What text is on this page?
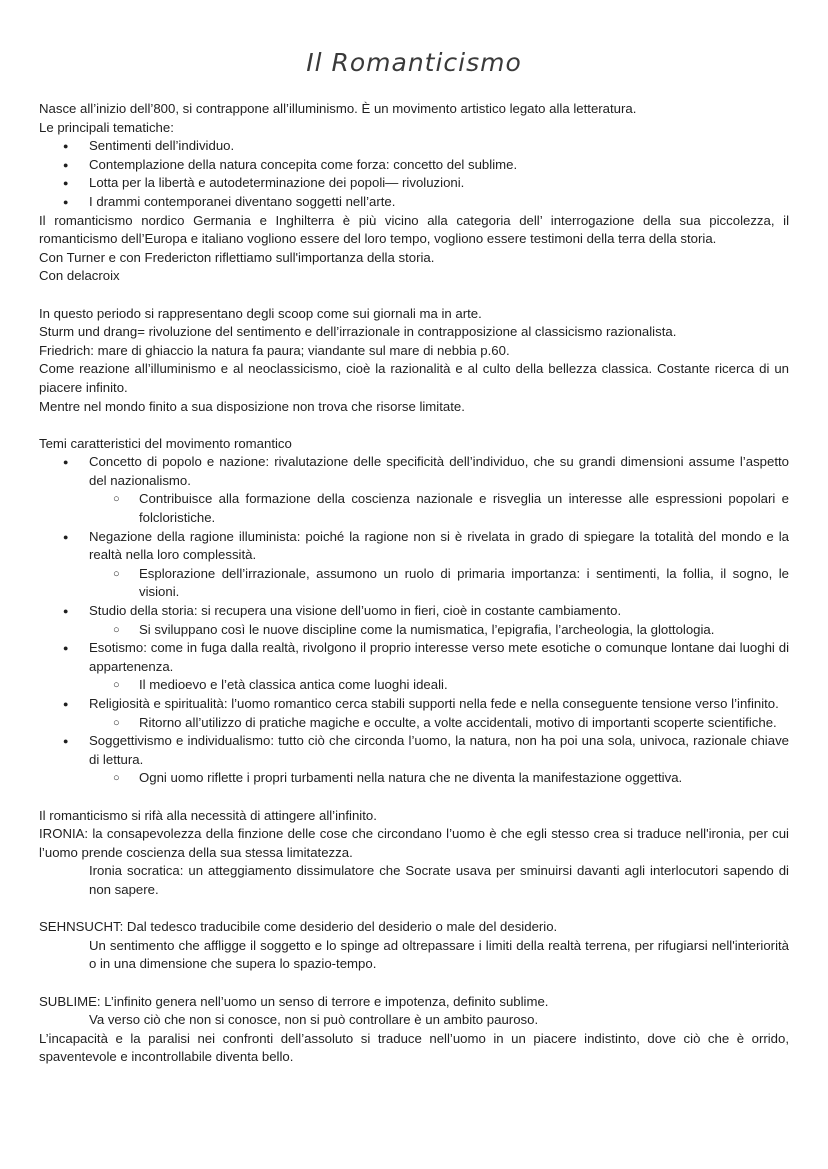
Il Romanticismo

Nasce all’inizio dell’800, si contrappone all’illuminismo. È un movimento artistico legato alla letteratura.

Le principali tematiche:

● Sentimenti dell’individuo.
● Contemplazione della natura concepita come forza: concetto del sublime.
● Lotta per la libertà e autodeterminazione dei popoli— rivoluzioni.
● I drammi contemporanei diventano soggetti nell’arte.

Il romanticismo nordico Germania e Inghilterra è più vicino alla categoria dell’ interrogazione della sua piccolezza, il romanticismo dell’Europa e italiano vogliono essere del loro tempo, vogliono essere testimoni della terra della storia.

Con Turner e con Fredericton riflettiamo sull'importanza della storia.

Con delacroix

In questo periodo si rappresentano degli scoop come sui giornali ma in arte.

Sturm und drang= rivoluzione del sentimento e dell’irrazionale in contrapposizione al classicismo razionalista.

Friedrich: mare di ghiaccio la natura fa paura; viandante sul mare di nebbia p.60.

Come reazione all’illuminismo e al neoclassicismo, cioè la razionalità e al culto della bellezza classica. Costante ricerca di un piacere infinito.

Mentre nel mondo finito a sua disposizione non trova che risorse limitate.

Temi caratteristici del movimento romantico

● Concetto di popolo e nazione: rivalutazione delle specificità dell’individuo, che su grandi dimensioni assume l’aspetto del nazionalismo.
○ Contribuisce alla formazione della coscienza nazionale e risveglia un interesse alle espressioni popolari e folcloristiche.
● Negazione della ragione illuminista: poiché la ragione non si è rivelata in grado di spiegare la totalità del mondo e la realtà nella loro complessità.
○ Esplorazione dell’irrazionale, assumono un ruolo di primaria importanza: i sentimenti, la follia, il sogno, le visioni.
● Studio della storia: si recupera una visione dell’uomo in fieri, cioè in costante cambiamento.
○ Si sviluppano così le nuove discipline come la numismatica, l’epigrafia, l’archeologia, la glottologia.
● Esotismo: come in fuga dalla realtà, rivolgono il proprio interesse verso mete esotiche o comunque lontane dai luoghi di appartenenza.
○ Il medioevo e l’età classica antica come luoghi ideali.
● Religiosità e spiritualità: l’uomo romantico cerca stabili supporti nella fede e nella conseguente tensione verso l’infinito.
○ Ritorno all’utilizzo di pratiche magiche e occulte, a volte accidentali, motivo di importanti scoperte scientifiche.
● Soggettivismo e individualismo: tutto ciò che circonda l’uomo, la natura, non ha poi una sola, univoca, razionale chiave di lettura.
○ Ogni uomo riflette i propri turbamenti nella natura che ne diventa la manifestazione oggettiva.

Il romanticismo si rifà alla necessità di attingere all’infinito.

IRONIA: la consapevolezza della finzione delle cose che circondano l’uomo è che egli stesso crea si traduce nell'ironia, per cui l’uomo prende coscienza della sua stessa limitatezza.

Ironia socratica: un atteggiamento dissimulatore che Socrate usava per sminuirsi davanti agli interlocutori sapendo di non sapere.

SEHNSUCHT: Dal tedesco traducibile come desiderio del desiderio o male del desiderio.

Un sentimento che affligge il soggetto e lo spinge ad oltrepassare i limiti della realtà terrena, per rifugiarsi nell'interiorità o in una dimensione che supera lo spazio-tempo.

SUBLIME: L’infinito genera nell’uomo un senso di terrore e impotenza, definito sublime.

Va verso ciò che non si conosce, non si può controllare è un ambito pauroso.

L’incapacità e la paralisi nei confronti dell’assoluto si traduce nell’uomo in un piacere indistinto, dove ciò che è orrido, spaventevole e incontrollabile diventa bello.
